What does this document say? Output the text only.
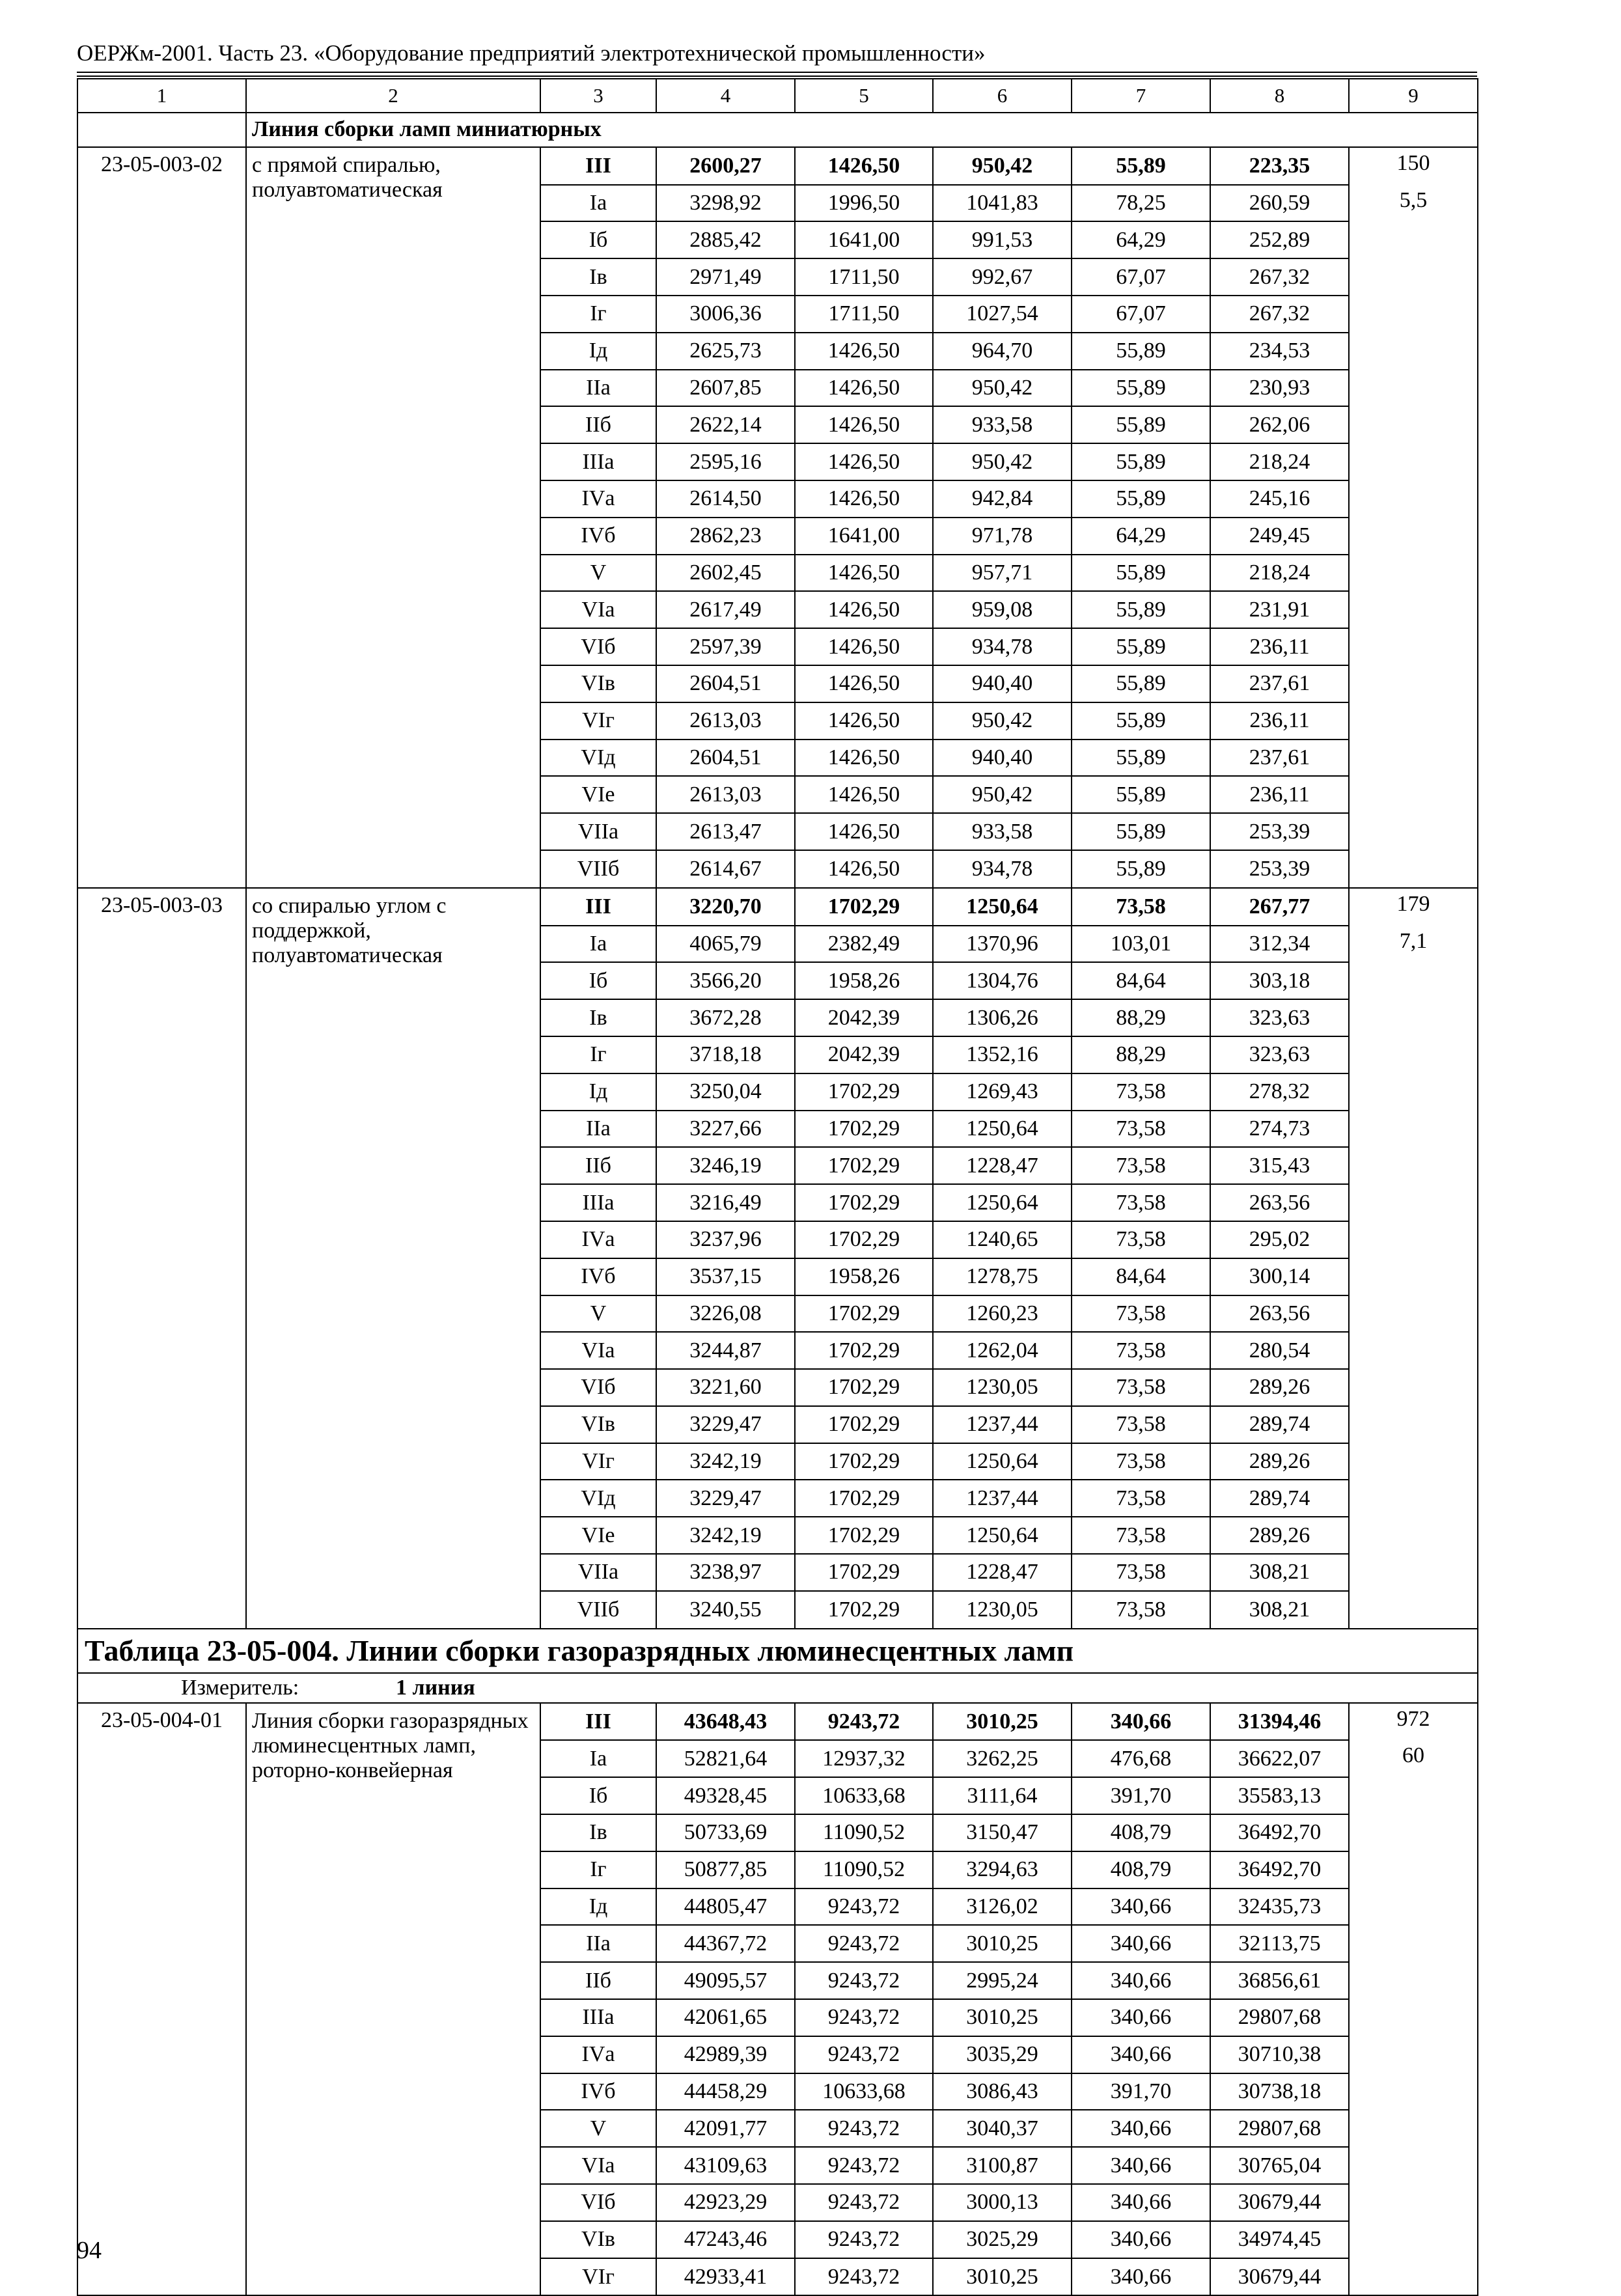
ОЕРЖм-2001. Часть 23. «Оборудование предприятий электротехнической промышленности»
1	2	3	4	5	6	7	8	9
	Линия сборки ламп миниатюрных							
23-05-003-02	с прямой спиралью, полуавтоматическая	III	2600,27	1426,50	950,42	55,89	223,35	150
		Iа	3298,92	1996,50	1041,83	78,25	260,59	5,5
		Iб	2885,42	1641,00	991,53	64,29	252,89	
		Iв	2971,49	1711,50	992,67	67,07	267,32	
		Iг	3006,36	1711,50	1027,54	67,07	267,32	
		Iд	2625,73	1426,50	964,70	55,89	234,53	
		IIа	2607,85	1426,50	950,42	55,89	230,93	
		IIб	2622,14	1426,50	933,58	55,89	262,06	
		IIIа	2595,16	1426,50	950,42	55,89	218,24	
		IVа	2614,50	1426,50	942,84	55,89	245,16	
		IVб	2862,23	1641,00	971,78	64,29	249,45	
		V	2602,45	1426,50	957,71	55,89	218,24	
		VIа	2617,49	1426,50	959,08	55,89	231,91	
		VIб	2597,39	1426,50	934,78	55,89	236,11	
		VIв	2604,51	1426,50	940,40	55,89	237,61	
		VIг	2613,03	1426,50	950,42	55,89	236,11	
		VIд	2604,51	1426,50	940,40	55,89	237,61	
		VIе	2613,03	1426,50	950,42	55,89	236,11	
		VIIа	2613,47	1426,50	933,58	55,89	253,39	
		VIIб	2614,67	1426,50	934,78	55,89	253,39	
23-05-003-03	со спиралью углом с поддержкой, полуавтоматическая	III	3220,70	1702,29	1250,64	73,58	267,77	179
		Iа	4065,79	2382,49	1370,96	103,01	312,34	7,1
		Iб	3566,20	1958,26	1304,76	84,64	303,18	
		Iв	3672,28	2042,39	1306,26	88,29	323,63	
		Iг	3718,18	2042,39	1352,16	88,29	323,63	
		Iд	3250,04	1702,29	1269,43	73,58	278,32	
		IIа	3227,66	1702,29	1250,64	73,58	274,73	
		IIб	3246,19	1702,29	1228,47	73,58	315,43	
		IIIа	3216,49	1702,29	1250,64	73,58	263,56	
		IVа	3237,96	1702,29	1240,65	73,58	295,02	
		IVб	3537,15	1958,26	1278,75	84,64	300,14	
		V	3226,08	1702,29	1260,23	73,58	263,56	
		VIа	3244,87	1702,29	1262,04	73,58	280,54	
		VIб	3221,60	1702,29	1230,05	73,58	289,26	
		VIв	3229,47	1702,29	1237,44	73,58	289,74	
		VIг	3242,19	1702,29	1250,64	73,58	289,26	
		VIд	3229,47	1702,29	1237,44	73,58	289,74	
		VIе	3242,19	1702,29	1250,64	73,58	289,26	
		VIIа	3238,97	1702,29	1228,47	73,58	308,21	
		VIIб	3240,55	1702,29	1230,05	73,58	308,21	
Таблица 23-05-004. Линии сборки газоразрядных люминесцентных ламп								
Измеритель: 1 линия								
23-05-004-01	Линия сборки газоразрядных люминесцентных ламп, роторно-конвейерная	III	43648,43	9243,72	3010,25	340,66	31394,46	972
		Iа	52821,64	12937,32	3262,25	476,68	36622,07	60
		Iб	49328,45	10633,68	3111,64	391,70	35583,13	
		Iв	50733,69	11090,52	3150,47	408,79	36492,70	
		Iг	50877,85	11090,52	3294,63	408,79	36492,70	
		Iд	44805,47	9243,72	3126,02	340,66	32435,73	
		IIа	44367,72	9243,72	3010,25	340,66	32113,75	
		IIб	49095,57	9243,72	2995,24	340,66	36856,61	
		IIIа	42061,65	9243,72	3010,25	340,66	29807,68	
		IVа	42989,39	9243,72	3035,29	340,66	30710,38	
		IVб	44458,29	10633,68	3086,43	391,70	30738,18	
		V	42091,77	9243,72	3040,37	340,66	29807,68	
		VIа	43109,63	9243,72	3100,87	340,66	30765,04	
		VIб	42923,29	9243,72	3000,13	340,66	30679,44	
		VIв	47243,46	9243,72	3025,29	340,66	34974,45	
		VIг	42933,41	9243,72	3010,25	340,66	30679,44	
94
